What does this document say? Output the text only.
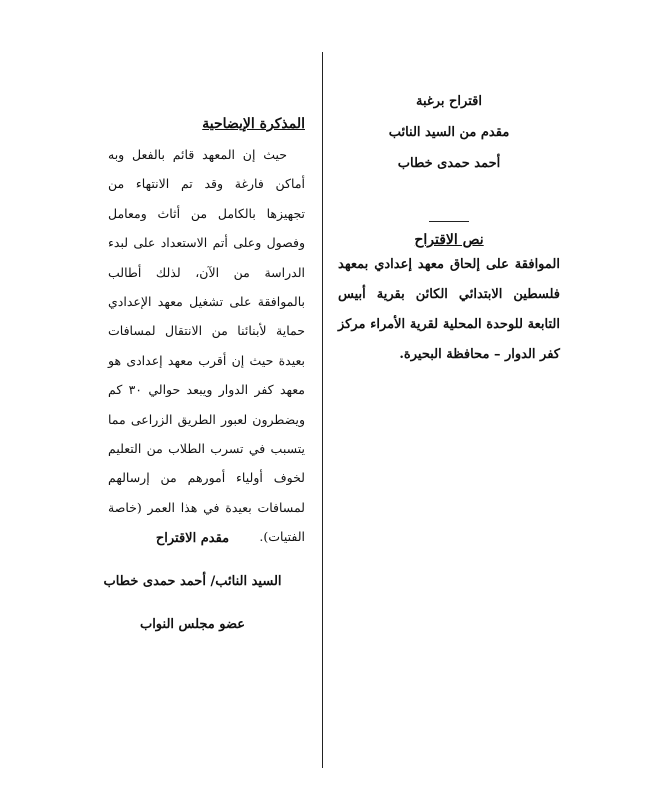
اقتراح برغبة
مقدم من السيد النائب
أحمد حمدى خطاب
نص الاقتراح

الموافقة على إلحاق معهد إعدادي بمعهد فلسطين الابتدائي الكائن بقرية أبيس التابعة للوحدة المحلية لقرية الأمراء مركز كفر الدوار – محافظة البحيرة.

المذكرة الإيضاحية

حيث إن المعهد قائم بالفعل وبه أماكن فارغة وقد تم الانتهاء من تجهيزها بالكامل من أثاث ومعامل وفصول وعلى أتم الاستعداد على لبدء الدراسة من الآن، لذلك أطالب بالموافقة على تشغيل معهد الإعدادي حماية لأبنائنا من الانتقال لمسافات بعيدة حيث إن أقرب معهد إعدادى هو معهد كفر الدوار ويبعد حوالي ٣٠ كم ويضطرون لعبور الطريق الزراعى مما يتسبب في تسرب الطلاب من التعليم لخوف أولياء أمورهم من إرسالهم لمسافات بعيدة في هذا العمر (خاصة الفتيات).

مقدم الاقتراح
السيد النائب/ أحمد حمدى خطاب
عضو مجلس النواب
